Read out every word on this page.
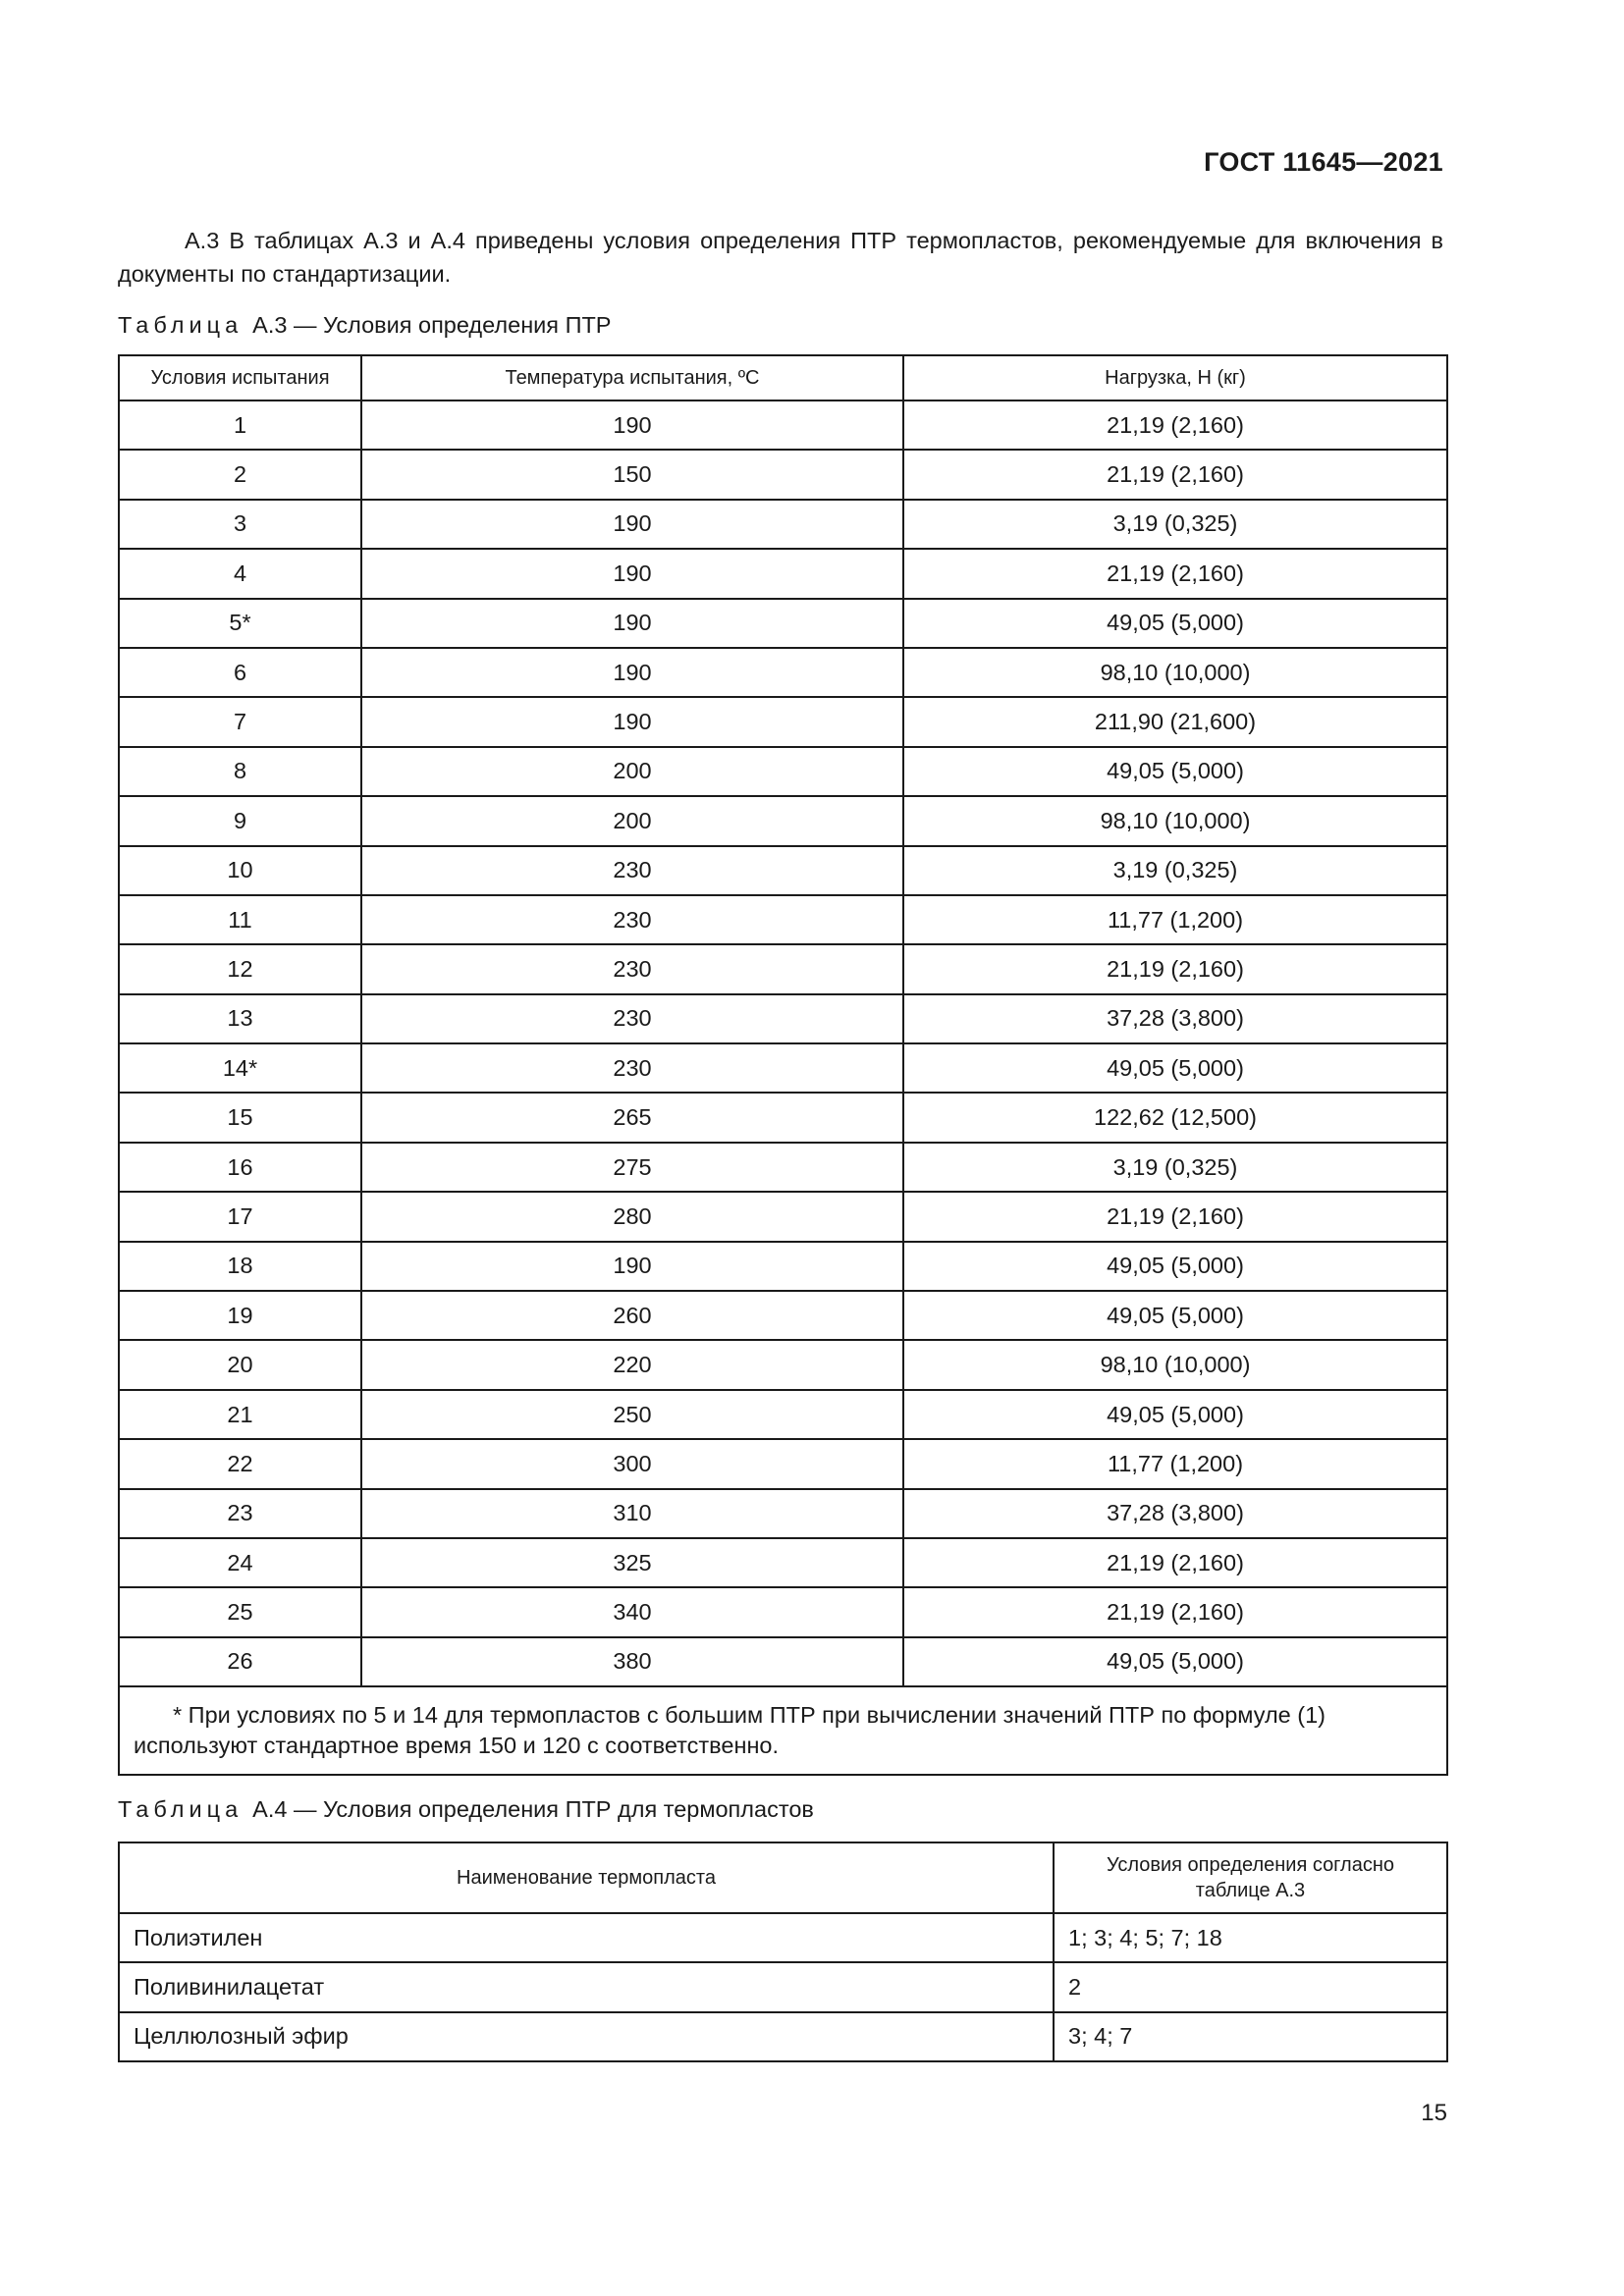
ГОСТ 11645—2021
А.3 В таблицах А.3 и А.4 приведены условия определения ПТР термопластов, рекомендуемые для включения в документы по стандартизации.
Таблица А.3 — Условия определения ПТР
Условия испытания	Температура испытания, ºС	Нагрузка, Н (кг)
1	190	21,19 (2,160)
2	150	21,19 (2,160)
3	190	3,19 (0,325)
4	190	21,19 (2,160)
5*	190	49,05 (5,000)
6	190	98,10 (10,000)
7	190	211,90 (21,600)
8	200	49,05 (5,000)
9	200	98,10 (10,000)
10	230	3,19 (0,325)
11	230	11,77 (1,200)
12	230	21,19 (2,160)
13	230	37,28 (3,800)
14*	230	49,05 (5,000)
15	265	122,62 (12,500)
16	275	3,19 (0,325)
17	280	21,19 (2,160)
18	190	49,05 (5,000)
19	260	49,05 (5,000)
20	220	98,10 (10,000)
21	250	49,05 (5,000)
22	300	11,77 (1,200)
23	310	37,28 (3,800)
24	325	21,19 (2,160)
25	340	21,19 (2,160)
26	380	49,05 (5,000)
* При условиях по 5 и 14 для термопластов с большим ПТР при вычислении значений ПТР по формуле (1) используют стандартное время 150 и 120 с соответственно.		
Таблица А.4 — Условия определения ПТР для термопластов
Наименование термопласта	Условия определения согласно таблице А.3
Полиэтилен	1; 3; 4; 5; 7; 18
Поливинилацетат	2
Целлюлозный эфир	3; 4; 7
15
